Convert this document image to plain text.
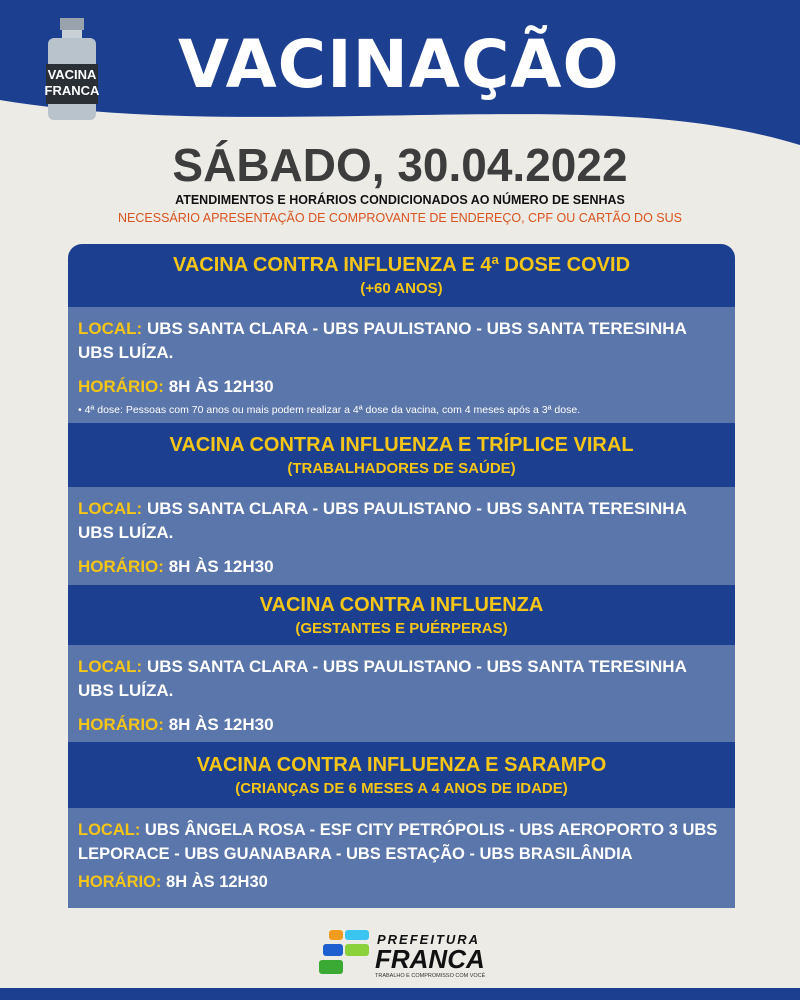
VACINA
FRANCA VACINAÇÃO
SÁBADO, 30.04.2022
ATENDIMENTOS E HORÁRIOS CONDICIONADOS AO NÚMERO DE SENHAS
NECESSÁRIO APRESENTAÇÃO DE COMPROVANTE DE ENDEREÇO, CPF OU CARTÃO DO SUS
VACINA CONTRA INFLUENZA E 4ª DOSE COVID
(+60 ANOS)
LOCAL: UBS SANTA CLARA - UBS PAULISTANO - UBS SANTA TERESINHA UBS LUÍZA.
HORÁRIO: 8H ÀS 12H30
• 4ª dose: Pessoas com 70 anos ou mais podem realizar a 4ª dose da vacina, com 4 meses após a 3ª dose.
VACINA CONTRA INFLUENZA E TRÍPLICE VIRAL
(TRABALHADORES DE SAÚDE)
LOCAL: UBS SANTA CLARA - UBS PAULISTANO - UBS SANTA TERESINHA UBS LUÍZA.
HORÁRIO: 8H ÀS 12H30
VACINA CONTRA INFLUENZA
(GESTANTES E PUÉRPERAS)
LOCAL: UBS SANTA CLARA - UBS PAULISTANO - UBS SANTA TERESINHA UBS LUÍZA.
HORÁRIO: 8H ÀS 12H30
VACINA CONTRA INFLUENZA E SARAMPO
(CRIANÇAS DE 6 MESES A 4 ANOS DE IDADE)
LOCAL: UBS ÂNGELA ROSA - ESF CITY PETRÓPOLIS - UBS AEROPORTO 3 UBS LEPORACE - UBS GUANABARA - UBS ESTAÇÃO - UBS BRASILÂNDIA
HORÁRIO: 8H ÀS 12H30
PREFEITURA
FRANCA
TRABALHO E COMPROMISSO COM VOCÊ
